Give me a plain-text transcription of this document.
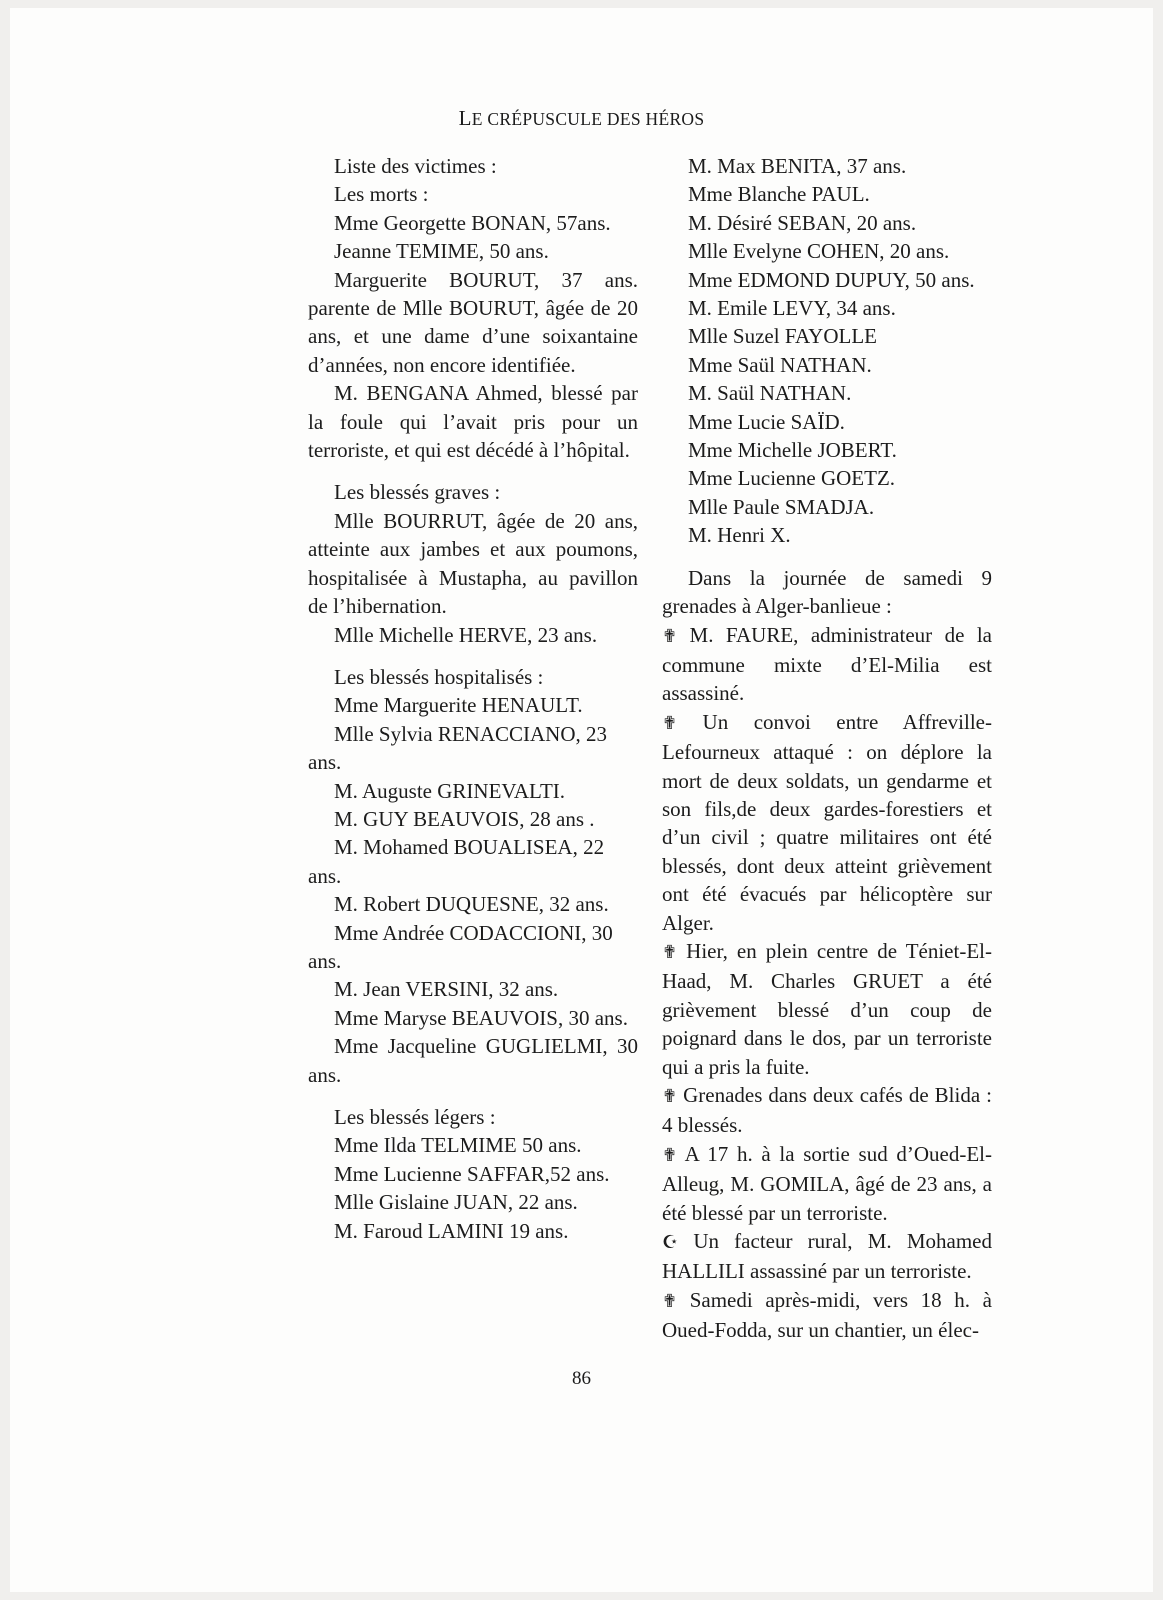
LE CRÉPUSCULE DES HÉROS

Liste des victimes :

Les morts :

Mme Georgette BONAN, 57ans.

Jeanne TEMIME, 50 ans.

Marguerite BOURUT, 37 ans. parente de Mlle BOURUT, âgée de 20 ans, et une dame d’une soixantaine d’années, non encore identifiée.

M. BENGANA Ahmed, blessé par la foule qui l’avait pris pour un terroriste, et qui est décédé à l’hôpital.

Les blessés graves :

Mlle BOURRUT, âgée de 20 ans, atteinte aux jambes et aux poumons, hospitalisée à Mustapha, au pavillon de l’hibernation.

Mlle Michelle HERVE, 23 ans.

Les blessés hospitalisés :

Mme Marguerite HENAULT.

Mlle Sylvia RENACCIANO, 23 ans.

M. Auguste GRINEVALTI.

M. GUY BEAUVOIS, 28 ans .

M. Mohamed BOUALISEA, 22 ans.

M. Robert DUQUESNE, 32 ans.

Mme Andrée CODACCIONI, 30 ans.

M. Jean VERSINI, 32 ans.

Mme Maryse BEAUVOIS, 30 ans.

Mme Jacqueline GUGLIELMI, 30 ans.

Les blessés légers :

Mme Ilda TELMIME 50 ans.

Mme Lucienne SAFFAR,52 ans.

Mlle Gislaine JUAN, 22 ans.

M. Faroud LAMINI 19 ans.

M. Max BENITA, 37 ans.

Mme Blanche PAUL.

M. Désiré SEBAN, 20 ans.

Mlle Evelyne COHEN, 20 ans.

Mme EDMOND DUPUY, 50 ans.

M. Emile LEVY, 34 ans.

Mlle Suzel FAYOLLE

Mme Saül NATHAN.

M. Saül NATHAN.

Mme Lucie SAÏD.

Mme Michelle JOBERT.

Mme Lucienne GOETZ.

Mlle Paule SMADJA.

M. Henri X.

Dans la journée de samedi 9 grenades à Alger-banlieue :

✟ M. FAURE, administrateur de la commune mixte d’El-Milia est assassiné.

✟ Un convoi entre Affreville-Lefourneux attaqué : on déplore la mort de deux soldats, un gendarme et son fils,de deux gardes-forestiers et d’un civil ; quatre militaires ont été blessés, dont deux atteint grièvement ont été évacués par hélicoptère sur Alger.

✟ Hier, en plein centre de Téniet-El-Haad, M. Charles GRUET a été grièvement blessé d’un coup de poignard dans le dos, par un terroriste qui a pris la fuite.

✟ Grenades dans deux cafés de Blida : 4 blessés.

✟ A 17 h. à la sortie sud d’Oued-El-Alleug, M. GOMILA, âgé de 23 ans, a été blessé par un terroriste.

☪ Un facteur rural, M. Mohamed HALLILI assassiné par un terroriste.

✟ Samedi après-midi, vers 18 h. à Oued-Fodda, sur un chantier, un élec-

86
